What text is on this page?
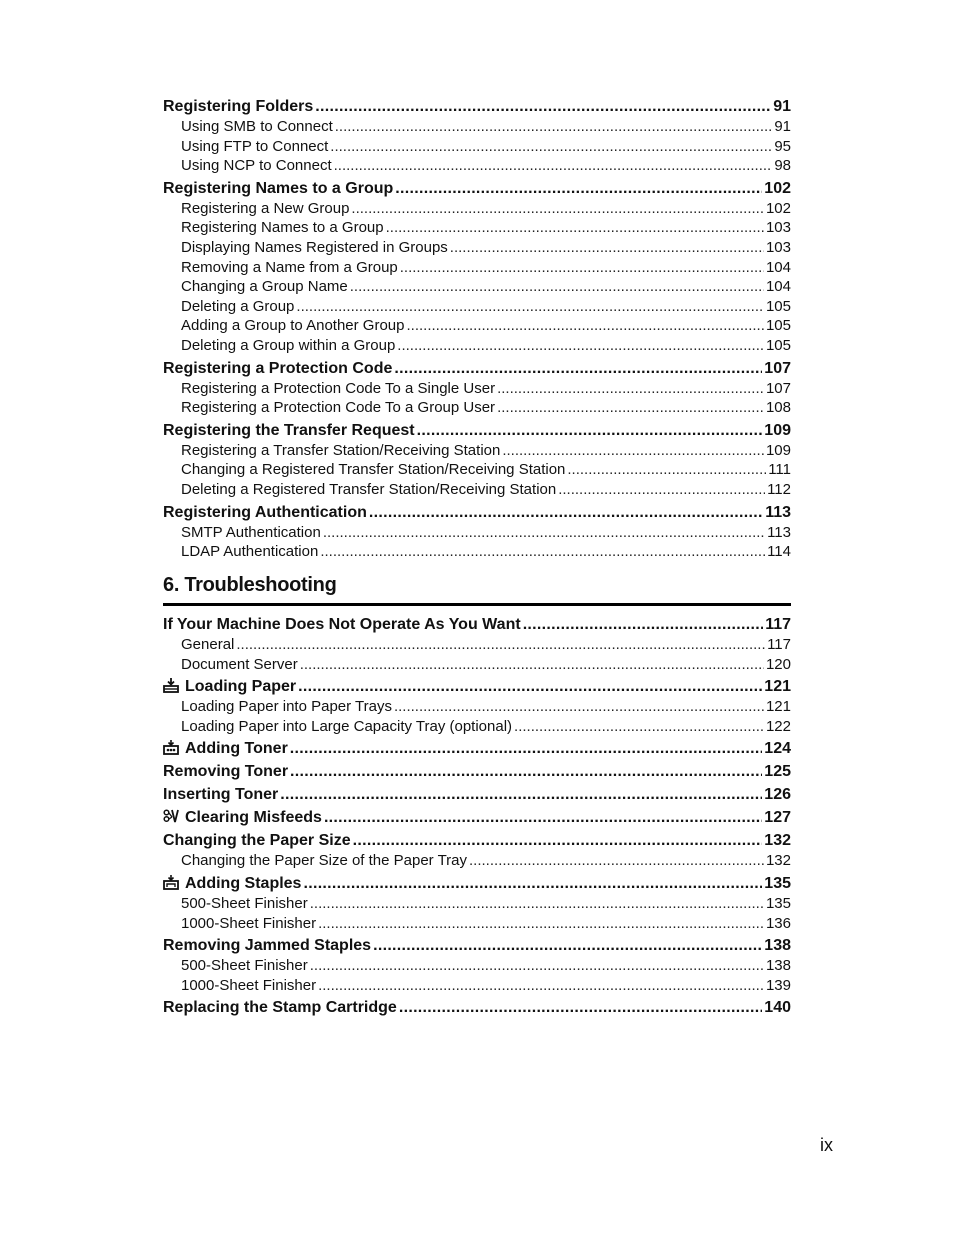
Registering Folders .....	91
Using SMB to Connect .....	91
Using FTP to Connect .....	95
Using NCP to Connect .....	98
Registering Names to a Group .....	102
Registering a New Group .....	102
Registering Names to a Group .....	103
Displaying Names Registered in Groups .....	103
Removing a Name from a Group .....	104
Changing a Group Name .....	104
Deleting a Group .....	105
Adding a Group to Another Group .....	105
Deleting a Group within a Group .....	105
Registering a Protection Code .....	107
Registering a Protection Code To a Single User .....	107
Registering a Protection Code To a Group User .....	108
Registering the Transfer Request .....	109
Registering a Transfer Station/Receiving Station .....	109
Changing a Registered Transfer Station/Receiving Station .....	111
Deleting a Registered Transfer Station/Receiving Station .....	112
Registering Authentication .....	113
SMTP Authentication .....	113
LDAP Authentication .....	114
6. Troubleshooting
If Your Machine Does Not Operate As You Want .....	117
General .....	117
Document Server .....	120
Loading Paper .....	121
Loading Paper into Paper Trays .....	121
Loading Paper into Large Capacity Tray (optional) .....	122
Adding Toner .....	124
Removing Toner .....	125
Inserting Toner .....	126
Clearing Misfeeds .....	127
Changing the Paper Size .....	132
Changing the Paper Size of the Paper Tray .....	132
Adding Staples .....	135
500-Sheet Finisher .....	135
1000-Sheet Finisher .....	136
Removing Jammed Staples .....	138
500-Sheet Finisher .....	138
1000-Sheet Finisher .....	139
Replacing the Stamp Cartridge .....	140
ix
